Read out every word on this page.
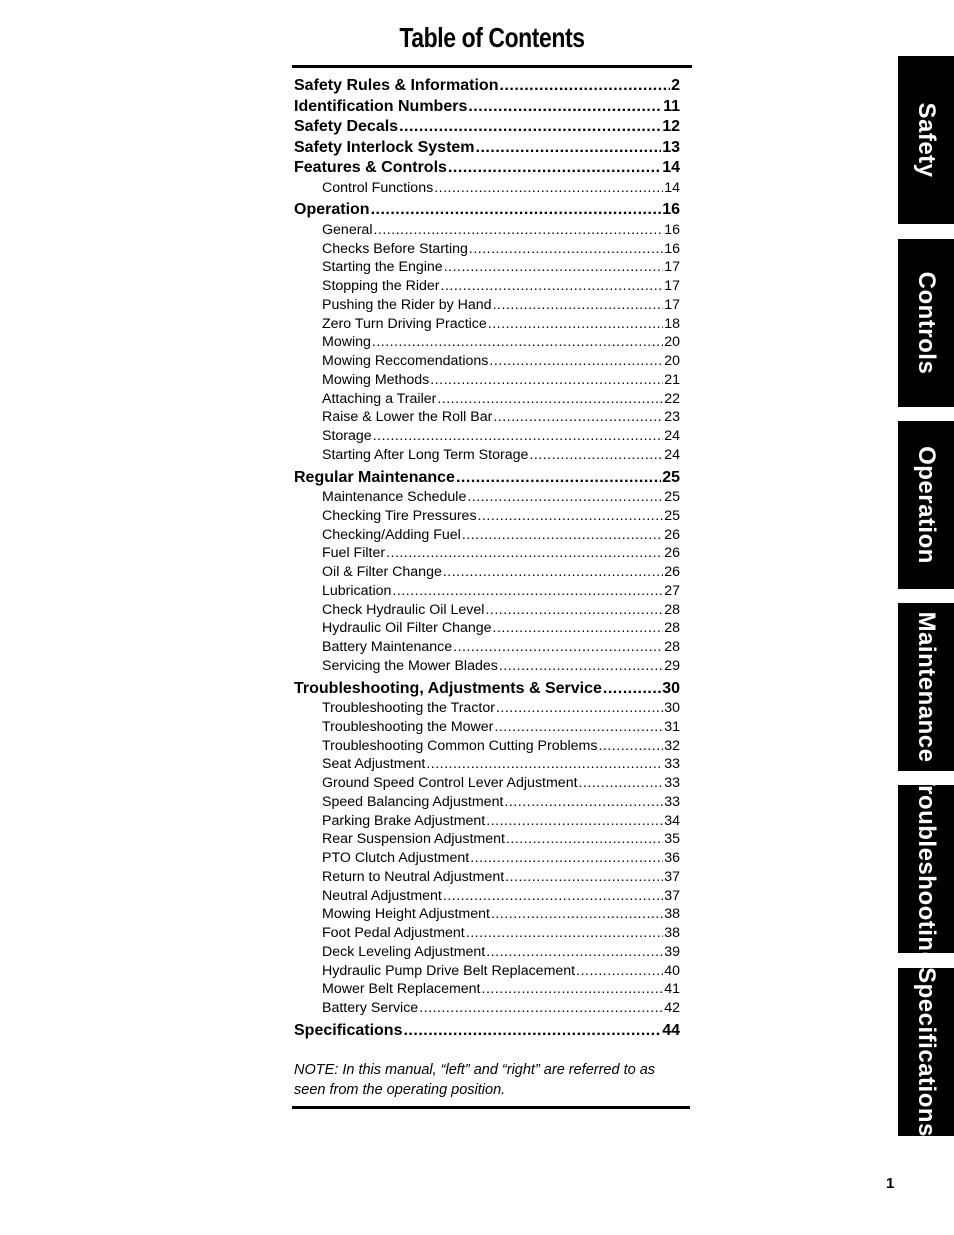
Table of Contents
Safety Rules & Information .....	2
Identification Numbers .....	11
Safety Decals .....	12
Safety Interlock System .....	13
Features & Controls .....	14
Control Functions .....	14
Operation .....	16
General .....	16
Checks Before Starting .....	16
Starting the Engine .....	17
Stopping the Rider .....	17
Pushing the Rider by Hand .....	17
Zero Turn Driving Practice .....	18
Mowing .....	20
Mowing Reccomendations .....	20
Mowing Methods .....	21
Attaching a Trailer .....	22
Raise & Lower the Roll Bar .....	23
Storage .....	24
Starting After Long Term Storage .....	24
Regular Maintenance .....	25
Maintenance Schedule .....	25
Checking Tire Pressures .....	25
Checking/Adding Fuel .....	26
Fuel Filter .....	26
Oil & Filter Change .....	26
Lubrication .....	27
Check Hydraulic Oil Level .....	28
Hydraulic Oil Filter Change .....	28
Battery Maintenance .....	28
Servicing the Mower Blades .....	29
Troubleshooting, Adjustments & Service .....	30
Troubleshooting the Tractor .....	30
Troubleshooting the Mower .....	31
Troubleshooting Common Cutting Problems .....	32
Seat Adjustment .....	33
Ground Speed Control Lever Adjustment .....	33
Speed Balancing Adjustment .....	33
Parking Brake Adjustment .....	34
Rear Suspension Adjustment .....	35
PTO Clutch Adjustment .....	36
Return to Neutral Adjustment .....	37
Neutral Adjustment .....	37
Mowing Height Adjustment .....	38
Foot Pedal Adjustment .....	38
Deck Leveling Adjustment .....	39
Hydraulic Pump Drive Belt Replacement .....	40
Mower Belt Replacement .....	41
Battery Service .....	42
Specifications .....	44
NOTE: In this manual, “left” and “right” are referred to as seen from the operating position.
Safety
Controls
Operation
Maintenance
Troubleshooting
Specifications
1
